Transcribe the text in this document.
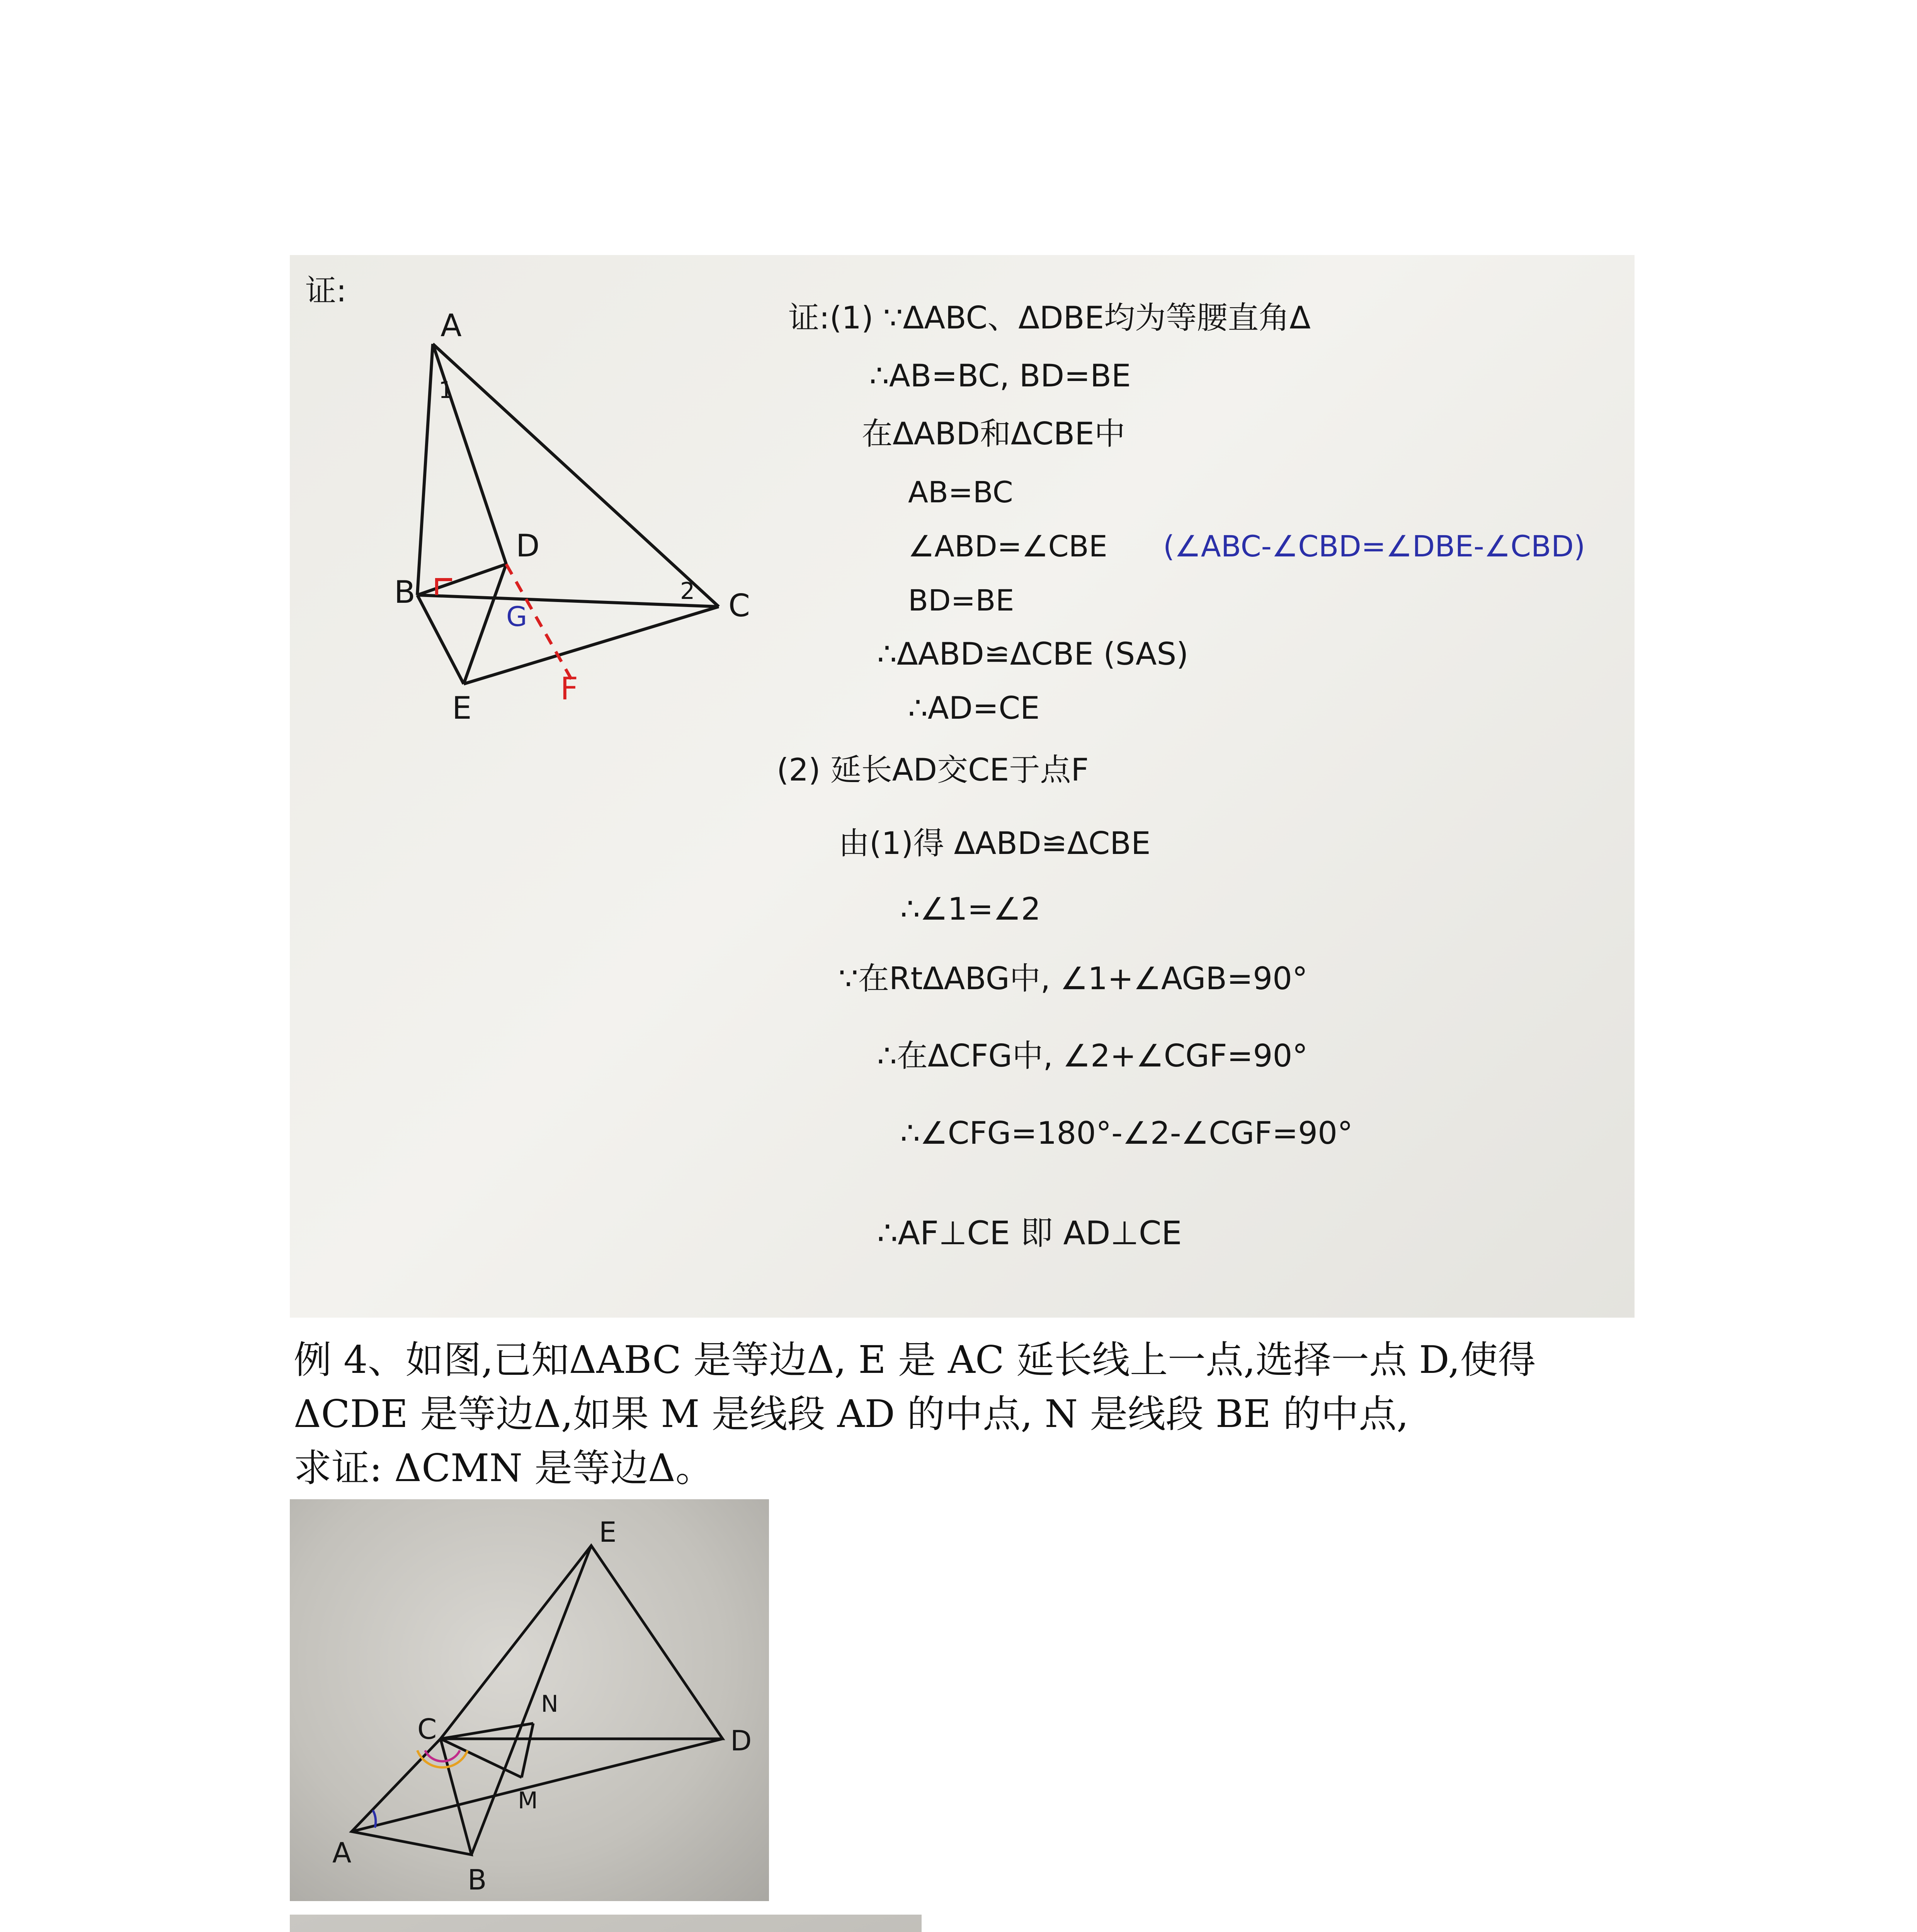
证:
A
B	C
D
E
G
F
1
2
证:(1) ∵ΔABC、ΔDBE均为等腰直角Δ
∴AB=BC, BD=BE
在ΔABD和ΔCBE中
AB=BC
∠ABD=∠CBE (∠ABC-∠CBD=∠DBE-∠CBD)
BD=BE
∴ΔABD≌ΔCBE (SAS)
∴AD=CE
(2) 延长AD交CE于点F
由(1)得 ΔABD≌ΔCBE
∴∠1=∠2
∵在RtΔABG中, ∠1+∠AGB=90°
∴在ΔCFG中, ∠2+∠CGF=90°
∴∠CFG=180°-∠2-∠CGF=90°
∴AF⊥CE 即 AD⊥CE

例 4、如图,已知ΔABC 是等边Δ, E 是 AC 延长线上一点,选择一点 D,使得

ΔCDE 是等边Δ,如果 M 是线段 AD 的中点, N 是线段 BE 的中点,

求证: ΔCMN 是等边Δ。

A
B
C	D
E
M
N
